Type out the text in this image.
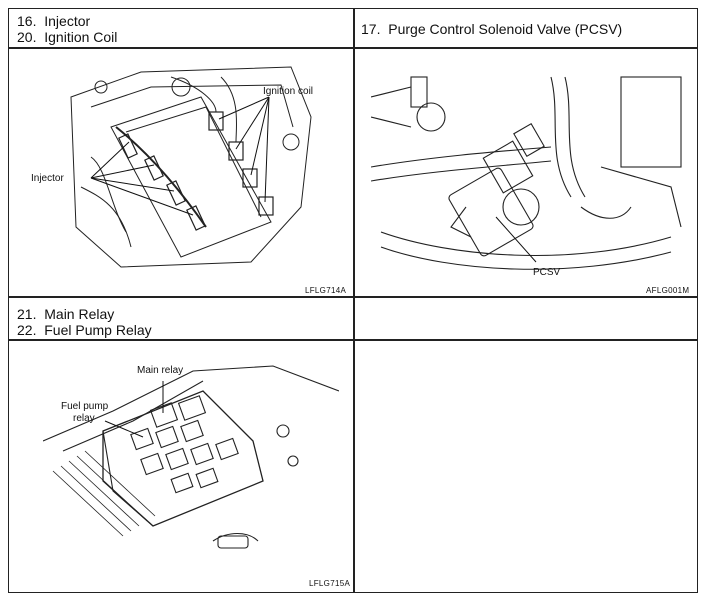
16.  Injector
20.  Ignition Coil	17.  Purge Control Solenoid Valve (PCSV)
21.  Main Relay
22.  Fuel Pump Relay
Ignition coil
Injector
LFLG714A
PCSV
AFLG001M
Main relay
Fuel pump
relay
LFLG715A
